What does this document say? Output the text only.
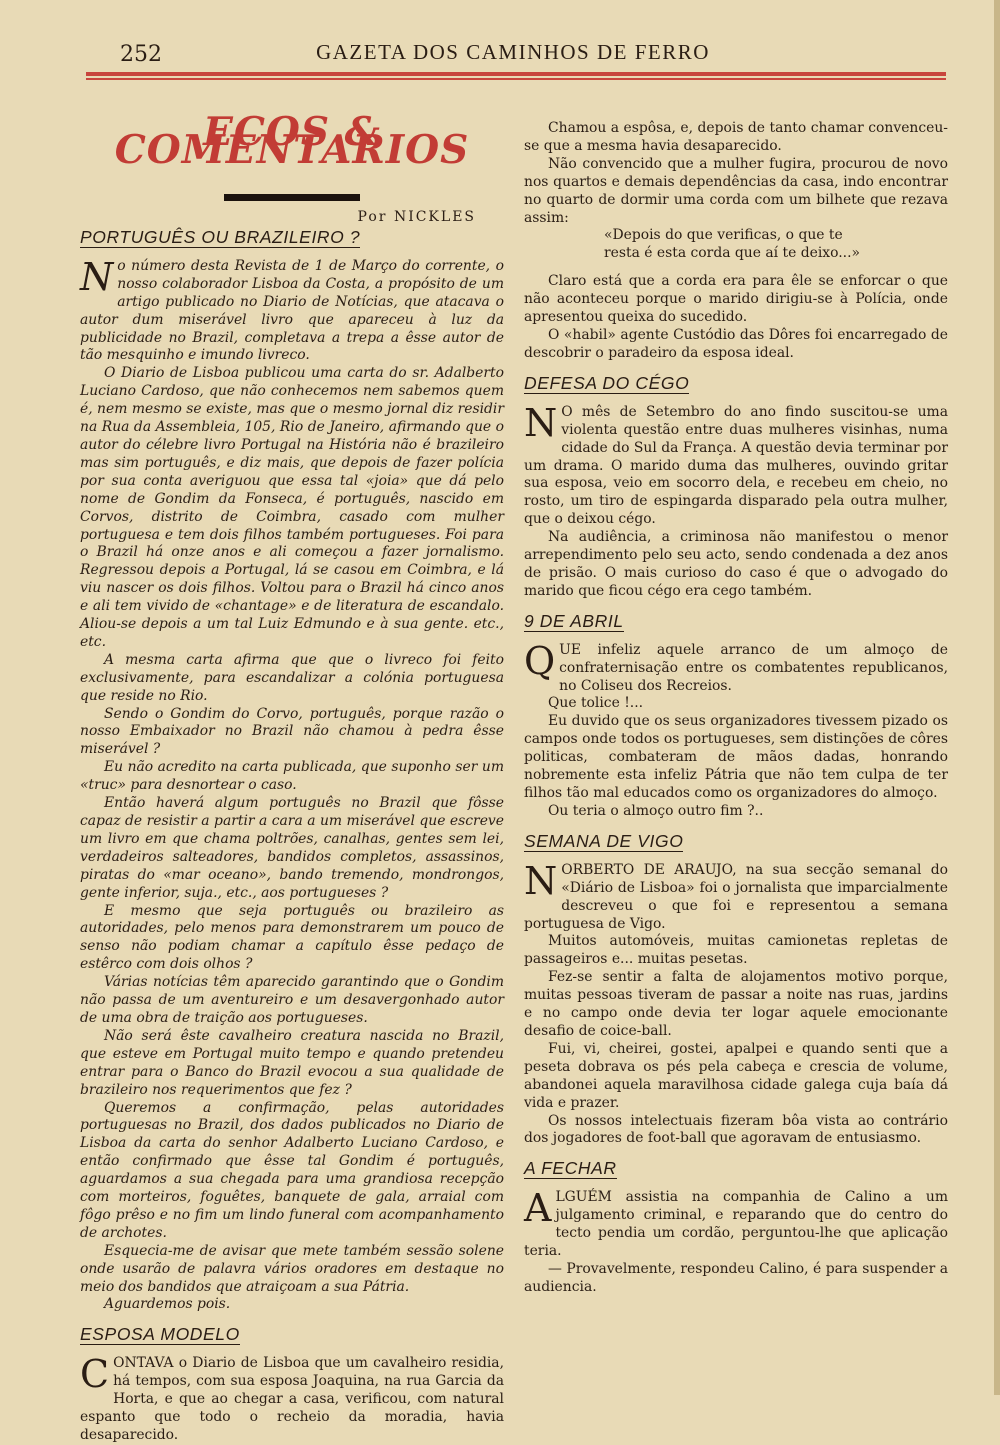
252	GAZETA DOS CAMINHOS DE FERRO
ECOS & COMENTARIOS
Por NICKLES
PORTUGUÊS OU BRAZILEIRO ?

No número desta Revista de 1 de Março do corrente, o nosso colaborador Lisboa da Costa, a propósito de um artigo publicado no Diario de Notícias, que atacava o autor dum miserável livro que apareceu à luz da publicidade no Brazil, completava a trepa a êsse autor de tão mesquinho e imundo livreco.

O Diario de Lisboa publicou uma carta do sr. Adalberto Luciano Cardoso, que não conhecemos nem sabemos quem é, nem mesmo se existe, mas que o mesmo jornal diz residir na Rua da Assembleia, 105, Rio de Janeiro, afirmando que o autor do célebre livro Portugal na História não é brazileiro mas sim português, e diz mais, que depois de fazer polícia por sua conta averiguou que essa tal «joia» que dá pelo nome de Gondim da Fonseca, é português, nascido em Corvos, distrito de Coimbra, casado com mulher portuguesa e tem dois filhos também portugueses. Foi para o Brazil há onze anos e ali começou a fazer jornalismo. Regressou depois a Portugal, lá se casou em Coimbra, e lá viu nascer os dois filhos. Voltou para o Brazil há cinco anos e ali tem vivido de «chantage» e de literatura de escandalo. Aliou-se depois a um tal Luiz Edmundo e à sua gente. etc., etc.

A mesma carta afirma que que o livreco foi feito exclusivamente, para escandalizar a colónia portuguesa que reside no Rio.

Sendo o Gondim do Corvo, português, porque razão o nosso Embaixador no Brazil não chamou à pedra êsse miserável ?

Eu não acredito na carta publicada, que suponho ser um «truc» para desnortear o caso.

Então haverá algum português no Brazil que fôsse capaz de resistir a partir a cara a um miserável que escreve um livro em que chama poltrões, canalhas, gentes sem lei, verdadeiros salteadores, bandidos completos, assassinos, piratas do «mar oceano», bando tremendo, mondrongos, gente inferior, suja., etc., aos portugueses ?

E mesmo que seja português ou brazileiro as autoridades, pelo menos para demonstrarem um pouco de senso não podiam chamar a capítulo êsse pedaço de estêrco com dois olhos ?

Várias notícias têm aparecido garantindo que o Gondim não passa de um aventureiro e um desavergonhado autor de uma obra de traição aos portugueses.

Não será êste cavalheiro creatura nascida no Brazil, que esteve em Portugal muito tempo e quando pretendeu entrar para o Banco do Brazil evocou a sua qualidade de brazileiro nos requerimentos que fez ?

Queremos a confirmação, pelas autoridades portuguesas no Brazil, dos dados publicados no Diario de Lisboa da carta do senhor Adalberto Luciano Cardoso, e então confirmado que êsse tal Gondim é português, aguardamos a sua chegada para uma grandiosa recepção com morteiros, foguêtes, banquete de gala, arraial com fôgo prêso e no fim um lindo funeral com acompanhamento de archotes.

Esquecia-me de avisar que mete também sessão solene onde usarão de palavra vários oradores em destaque no meio dos bandidos que atraiçoam a sua Pátria.

Aguardemos pois.

ESPOSA MODELO

CONTAVA o Diario de Lisboa que um cavalheiro residia, há tempos, com sua esposa Joaquina, na rua Garcia da Horta, e que ao chegar a casa, verificou, com natural espanto que todo o recheio da moradia, havia desaparecido.

Chamou a espôsa, e, depois de tanto chamar convenceu-se que a mesma havia desaparecido.

Não convencido que a mulher fugira, procurou de novo nos quartos e demais dependências da casa, indo encontrar no quarto de dormir uma corda com um bilhete que rezava assim:

«Depois do que verificas, o que te

resta é esta corda que aí te deixo...»

Claro está que a corda era para êle se enforcar o que não aconteceu porque o marido dirigiu-se à Polícia, onde apresentou queixa do sucedido.

O «habil» agente Custódio das Dôres foi encarregado de descobrir o paradeiro da esposa ideal.

DEFESA DO CÉGO

N O mês de Setembro do ano findo suscitou-se uma violenta questão entre duas mulheres visinhas, numa cidade do Sul da França. A questão devia terminar por um drama. O marido duma das mulheres, ouvindo gritar sua esposa, veio em socorro dela, e recebeu em cheio, no rosto, um tiro de espingarda disparado pela outra mulher, que o deixou cégo.

Na audiência, a criminosa não manifestou o menor arrependimento pelo seu acto, sendo condenada a dez anos de prisão. O mais curioso do caso é que o advogado do marido que ficou cégo era cego também.

9 DE ABRIL

QUE infeliz aquele arranco de um almoço de confraternisação entre os combatentes republicanos, no Coliseu dos Recreios.

Que tolice !...

Eu duvido que os seus organizadores tivessem pizado os campos onde todos os portugueses, sem distinções de côres politicas, combateram de mãos dadas, honrando nobremente esta infeliz Pátria que não tem culpa de ter filhos tão mal educados como os organizadores do almoço.

Ou teria o almoço outro fim ?..

SEMANA DE VIGO

NORBERTO DE ARAUJO, na sua secção semanal do «Diário de Lisboa» foi o jornalista que imparcialmente descreveu o que foi e representou a semana portuguesa de Vigo.

Muitos automóveis, muitas camionetas repletas de passageiros e... muitas pesetas.

Fez-se sentir a falta de alojamentos motivo porque, muitas pessoas tiveram de passar a noite nas ruas, jardins e no campo onde devia ter logar aquele emocionante desafio de coice-ball.

Fui, vi, cheirei, gostei, apalpei e quando senti que a peseta dobrava os pés pela cabeça e crescia de volume, abandonei aquela maravilhosa cidade galega cuja baía dá vida e prazer.

Os nossos intelectuais fizeram bôa vista ao contrário dos jogadores de foot-ball que agoravam de entusiasmo.

A FECHAR

ALGUÉM assistia na companhia de Calino a um julgamento criminal, e reparando que do centro do tecto pendia um cordão, perguntou-lhe que aplicação teria.

— Provavelmente, respondeu Calino, é para suspender a audiencia.
